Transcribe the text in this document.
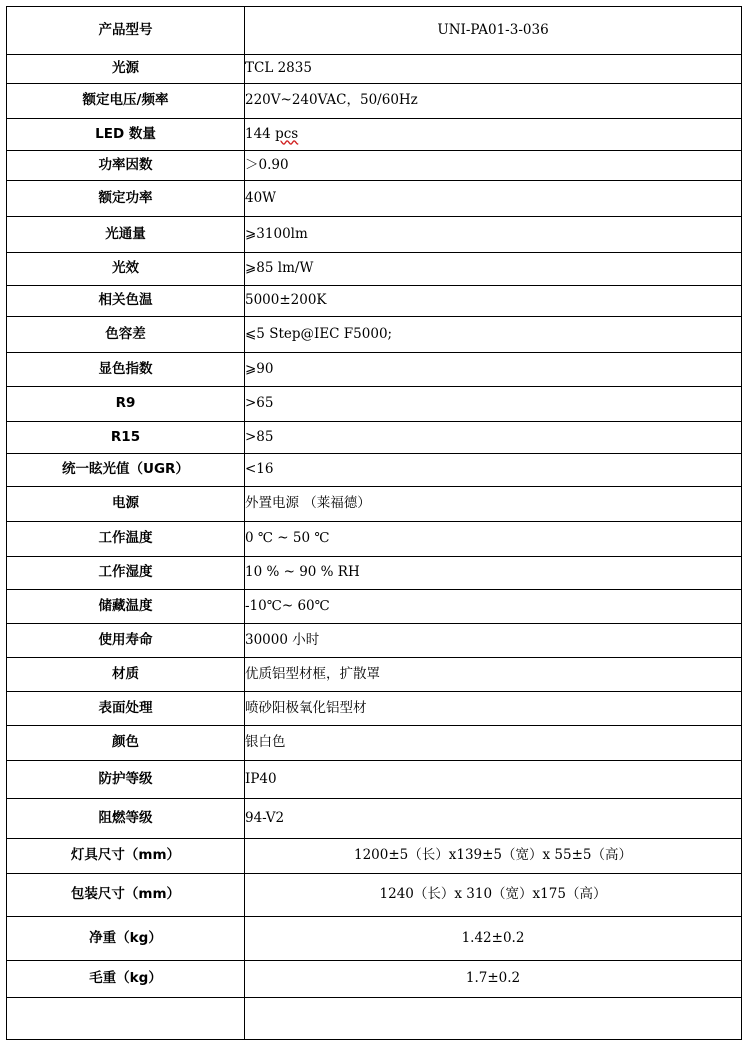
产品型号	UNI-PA01-3-036
光源	TCL 2835
额定电压/频率	220V~240VAC，50/60Hz
LED 数量	144 pcs
功率因数	＞0.90
额定功率	40W
光通量	⩾3100lm
光效	⩾85 lm/W
相关色温	5000±200K
色容差	⩽5 Step@IEC F5000;
显色指数	⩾90
R9	>65
R15	>85
统一眩光值（UGR）	<16
电源	外置电源 （莱福德）
工作温度	0 ℃ ~ 50 ℃
工作湿度	10 % ~ 90 % RH
储藏温度	-10℃~ 60℃
使用寿命	30000 小时
材质	优质铝型材框，扩散罩
表面处理	喷砂阳极氧化铝型材
颜色	银白色
防护等级	IP40
阻燃等级	94-V2
灯具尺寸（mm）	1200±5（长）x139±5（宽）x 55±5（高）
包装尺寸（mm）	1240（长）x 310（宽）x175（高）
净重（kg）	1.42±0.2
毛重（kg）	1.7±0.2
